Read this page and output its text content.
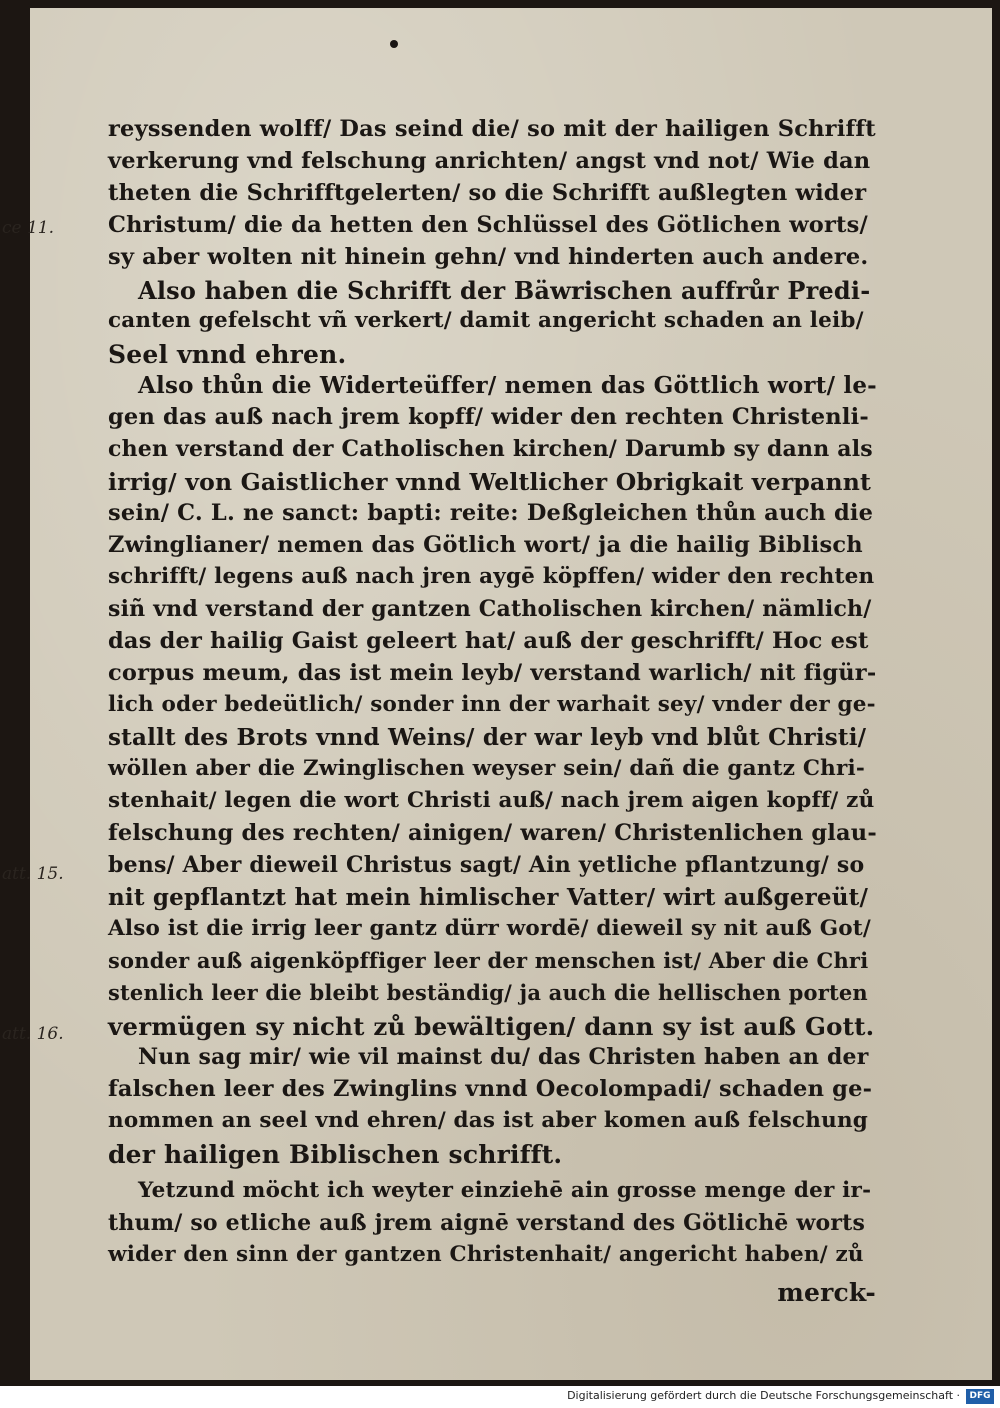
reyssenden wolff/ Das seind die/ so mit der hailigen Schrifft
verkerung vnd felschung anrichten/ angst vnd not/ Wie dan
theten die Schrifftgelerten/ so die Schrifft außlegten wider
Christum/ die da hetten den Schlüssel des Götlichen worts/
sy aber wolten nit hinein gehn/ vnd hinderten auch andere.
Also haben die Schrifft der Bäwrischen auffrůr Predi-
canten gefelscht vñ verkert/ damit angericht schaden an leib/
Seel vnnd ehren.
Also thůn die Widerteüffer/ nemen das Göttlich wort/ le-
gen das auß nach jrem kopff/ wider den rechten Christenli-
chen verstand der Catholischen kirchen/ Darumb sy dann als
irrig/ von Gaistlicher vnnd Weltlicher Obrigkait verpannt
sein/ C. L. ne sanct: bapti: reite: Deßgleichen thůn auch die
Zwinglianer/ nemen das Götlich wort/ ja die hailig Biblisch
schrifft/ legens auß nach jren aygē köpffen/ wider den rechten
siñ vnd verstand der gantzen Catholischen kirchen/ nämlich/
das der hailig Gaist geleert hat/ auß der geschrifft/ Hoc est
corpus meum, das ist mein leyb/ verstand warlich/ nit figür-
lich oder bedeütlich/ sonder inn der warhait sey/ vnder der ge-
stallt des Brots vnnd Weins/ der war leyb vnd blůt Christi/
wöllen aber die Zwinglischen weyser sein/ dañ die gantz Chri-
stenhait/ legen die wort Christi auß/ nach jrem aigen kopff/ zů
felschung des rechten/ ainigen/ waren/ Christenlichen glau-
bens/ Aber dieweil Christus sagt/ Ain yetliche pflantzung/ so
nit gepflantzt hat mein himlischer Vatter/ wirt außgereüt/
Also ist die irrig leer gantz dürr wordē/ dieweil sy nit auß Got/
sonder auß aigenköpffiger leer der menschen ist/ Aber die Chri
stenlich leer die bleibt beständig/ ja auch die hellischen porten
vermügen sy nicht zů bewältigen/ dann sy ist auß Gott.
Nun sag mir/ wie vil mainst du/ das Christen haben an der
falschen leer des Zwinglins vnnd Oecolompadi/ schaden ge-
nommen an seel vnd ehren/ das ist aber komen auß felschung
der hailigen Biblischen schrifft.
Yetzund möcht ich weyter einziehē ain grosse menge der ir-
thum/ so etliche auß jrem aignē verstand des Götlichē worts
wider den sinn der gantzen Christenhait/ angericht haben/ zů
merck-
ce 11.
att. 15.
att. 16.
Digitalisierung gefördert durch die Deutsche Forschungsgemeinschaft ·	DFG
